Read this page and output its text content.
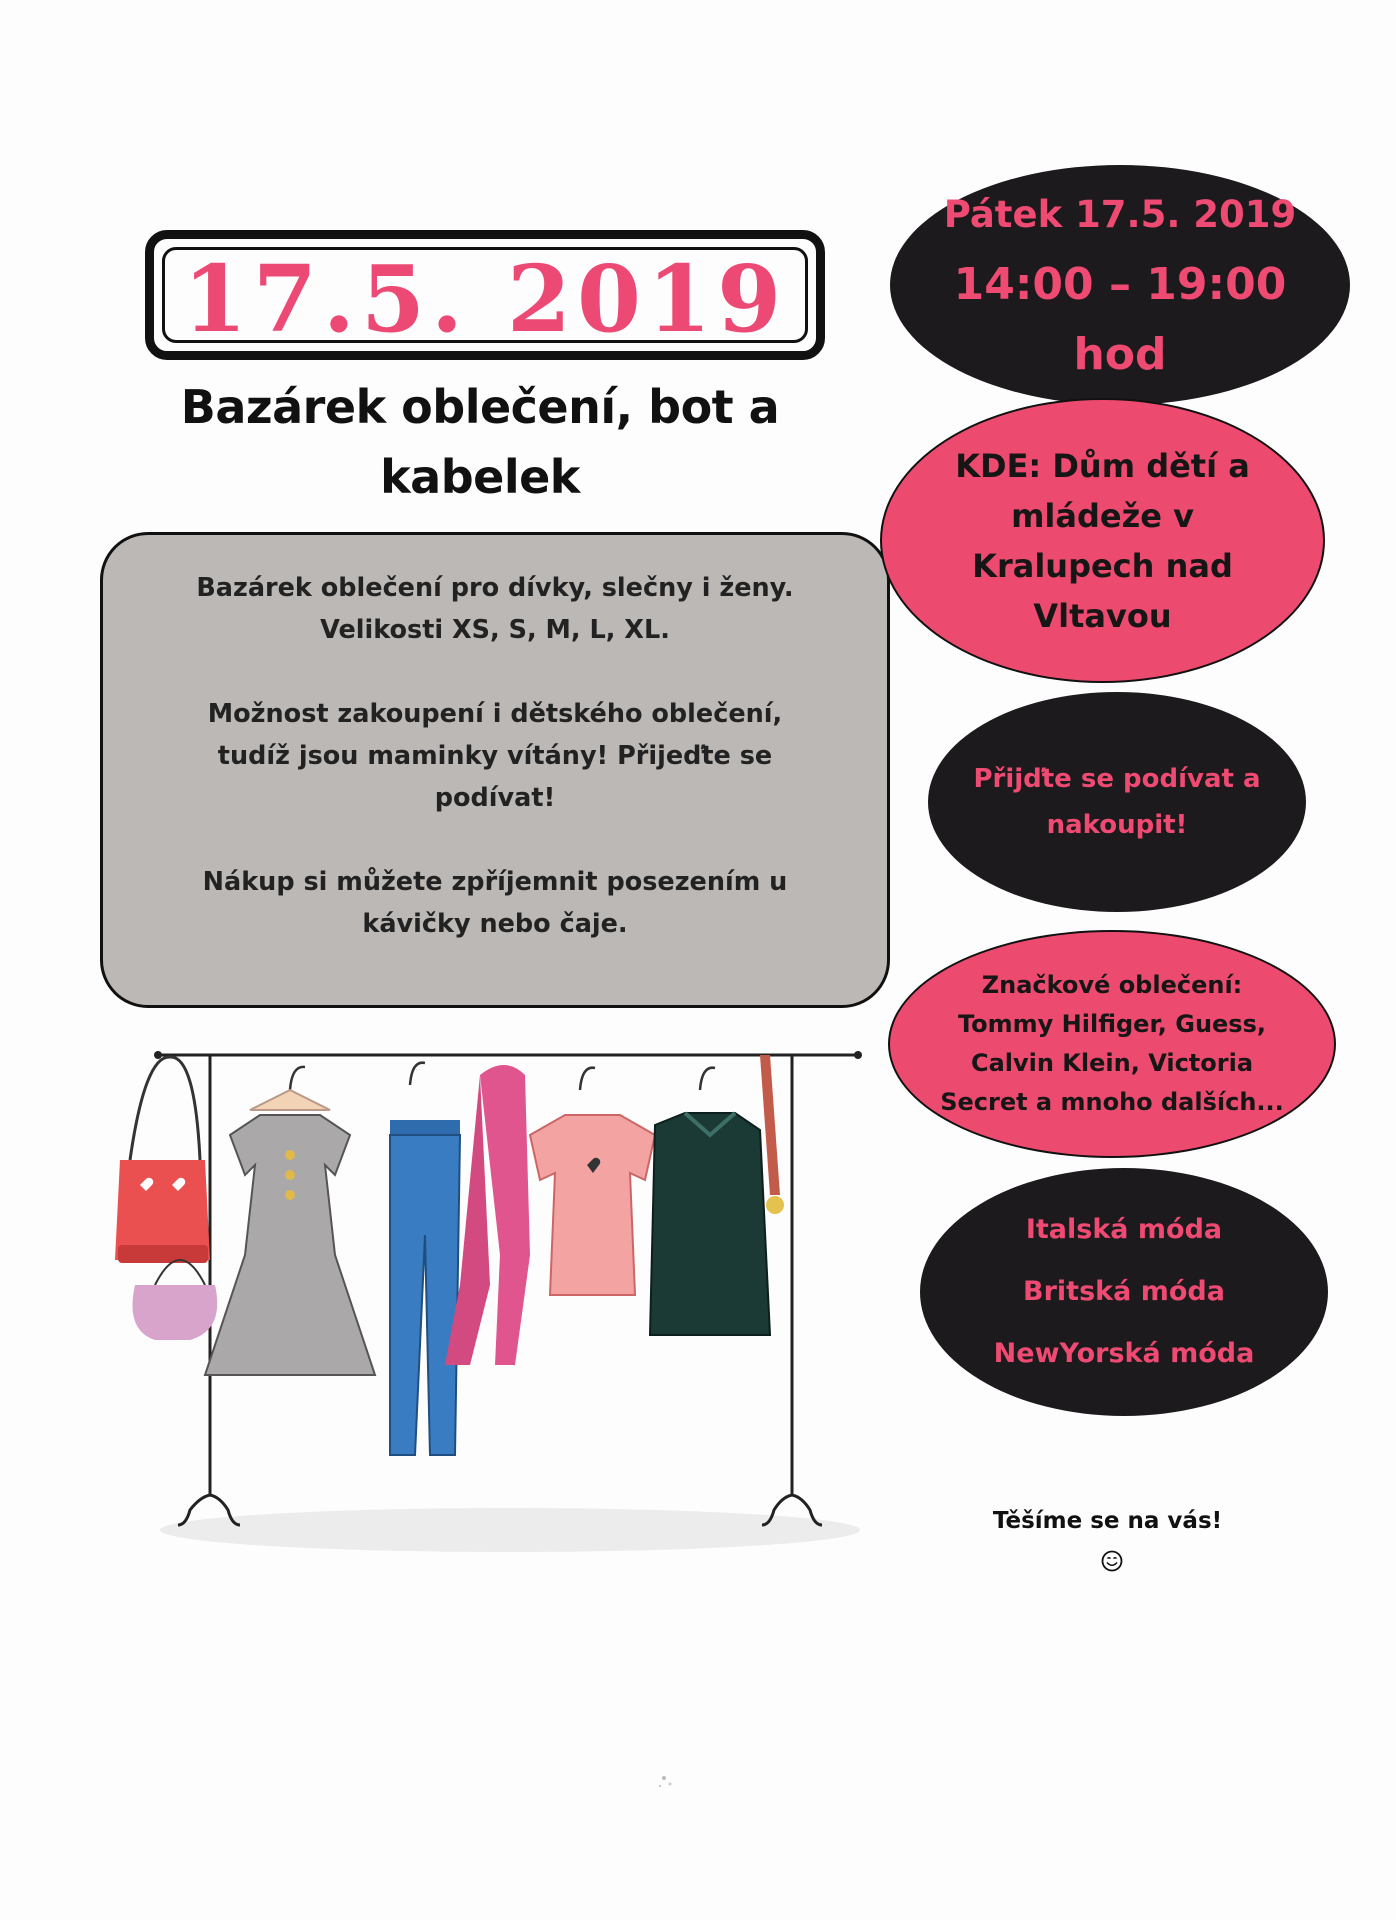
17.5. 2019
Bazárek oblečení, bot a
kabelek

Bazárek oblečení pro dívky, slečny i ženy.
Velikosti XS, S, M, L, XL.

Možnost zakoupení i dětského oblečení,
tudíž jsou maminky vítány! Přijeďte se
podívat!

Nákup si můžete zpříjemnit posezením u
kávičky nebo čaje.

Pátek 17.5. 2019
14:00 – 19:00
hod
KDE: Dům dětí a
mládeže v
Kralupech nad
Vltavou
Přijďte se podívat a
nakoupit!
Značkové oblečení:
Tommy Hilfiger, Guess,
Calvin Klein, Victoria
Secret a mnoho dalších...
Italská móda
Britská móda
NewYorská móda
Těšíme se na vás!
